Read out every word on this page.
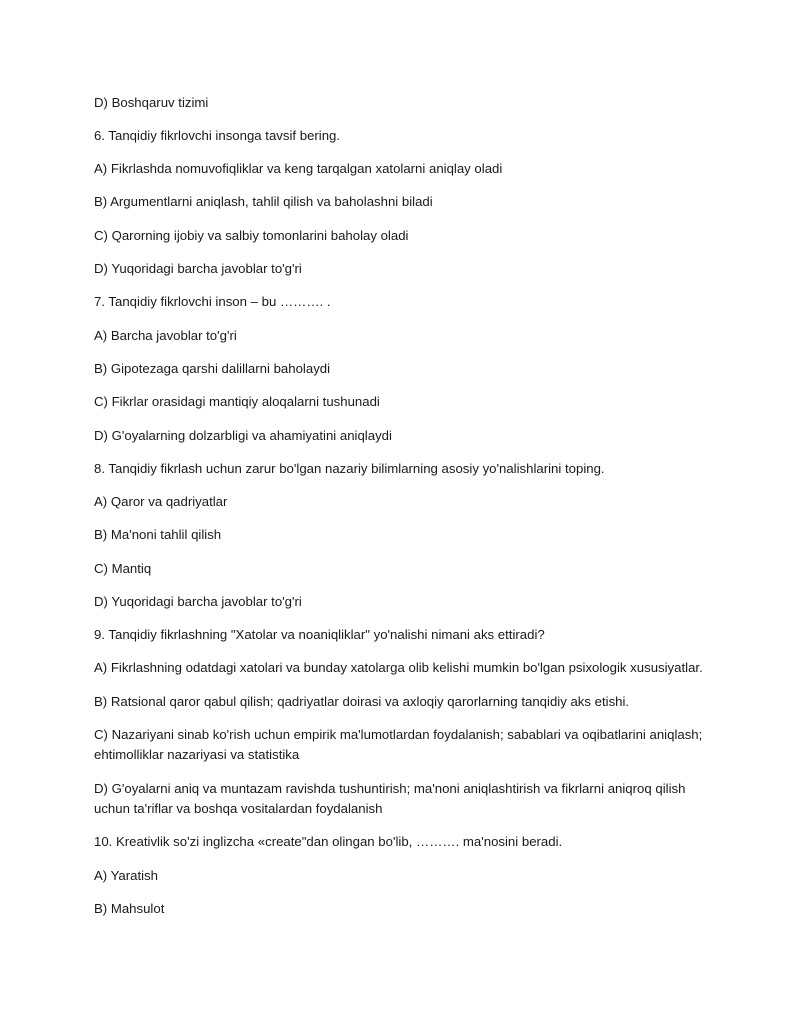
D) Boshqaruv tizimi
6. Tanqidiy fikrlovchi insonga tavsif bering.
A) Fikrlashda nomuvofiqliklar va keng tarqalgan xatolarni aniqlay oladi
B) Argumentlarni aniqlash, tahlil qilish va baholashni biladi
C) Qarorning ijobiy va salbiy tomonlarini baholay oladi
D) Yuqoridagi barcha javoblar to'g'ri
7. Tanqidiy fikrlovchi inson – bu ………. .
A) Barcha javoblar to'g'ri
B) Gipotezaga qarshi dalillarni baholaydi
C) Fikrlar orasidagi mantiqiy aloqalarni tushunadi
D) G'oyalarning dolzarbligi va ahamiyatini aniqlaydi
8. Tanqidiy fikrlash uchun zarur bo'lgan nazariy bilimlarning asosiy yo'nalishlarini toping.
A) Qaror va qadriyatlar
B) Ma'noni tahlil qilish
C) Mantiq
D) Yuqoridagi barcha javoblar to'g'ri
9. Tanqidiy fikrlashning "Xatolar va noaniqliklar" yo'nalishi nimani aks ettiradi?
A) Fikrlashning odatdagi xatolari va bunday xatolarga olib kelishi mumkin bo'lgan psixologik xususiyatlar.
B) Ratsional qaror qabul qilish; qadriyatlar doirasi va axloqiy qarorlarning tanqidiy aks etishi.
C) Nazariyani sinab ko'rish uchun empirik ma'lumotlardan foydalanish; sabablari va oqibatlarini aniqlash; ehtimolliklar nazariyasi va statistika
D) G'oyalarni aniq va muntazam ravishda tushuntirish; ma'noni aniqlashtirish va fikrlarni aniqroq qilish uchun ta'riflar va boshqa vositalardan foydalanish
10. Kreativlik so'zi inglizcha «create"dan olingan bo'lib, ………. ma'nosini beradi.
A) Yaratish
B) Mahsulot
